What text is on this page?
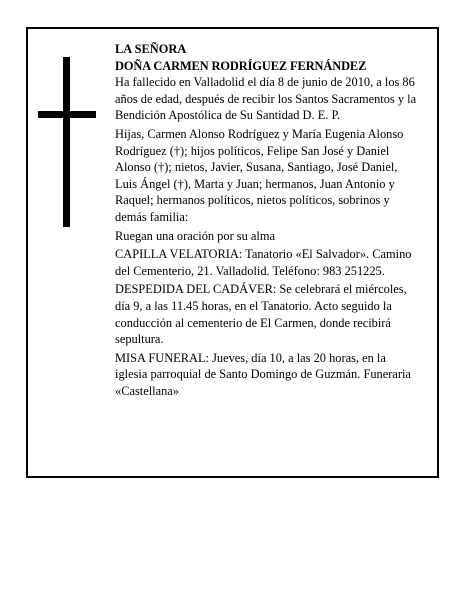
LA SEÑORA

DOÑA CARMEN RODRÍGUEZ FERNÁNDEZ

Ha fallecido en Valladolid el día 8 de junio de 2010, a los 86 años de edad, después de recibir los Santos Sacramentos y la Bendición Apostólica de Su Santidad D. E. P.

Hijas, Carmen Alonso Rodríguez y María Eugenia Alonso Rodríguez (†); hijos políticos, Felipe San José y Daniel Alonso (†); nietos, Javier, Susana, Santiago, José Daniel, Luis Ángel (†), Marta y Juan; hermanos, Juan Antonio y Raquel; hermanos políticos, nietos políticos, sobrinos y demás familia:

Ruegan una oración por su alma

CAPILLA VELATORIA: Tanatorio «El Salvador». Camino del Cementerio, 21. Valladolid. Teléfono: 983 251225.

DESPEDIDA DEL CADÁVER: Se celebrará el miércoles, día 9, a las 11.45 horas, en el Tanatorio. Acto seguido la conducción al cementerio de El Carmen, donde recibirá sepultura.

MISA FUNERAL: Jueves, día 10, a las 20 horas, en la iglesia parroquial de Santo Domingo de Guzmán. Funeraria «Castellana»
